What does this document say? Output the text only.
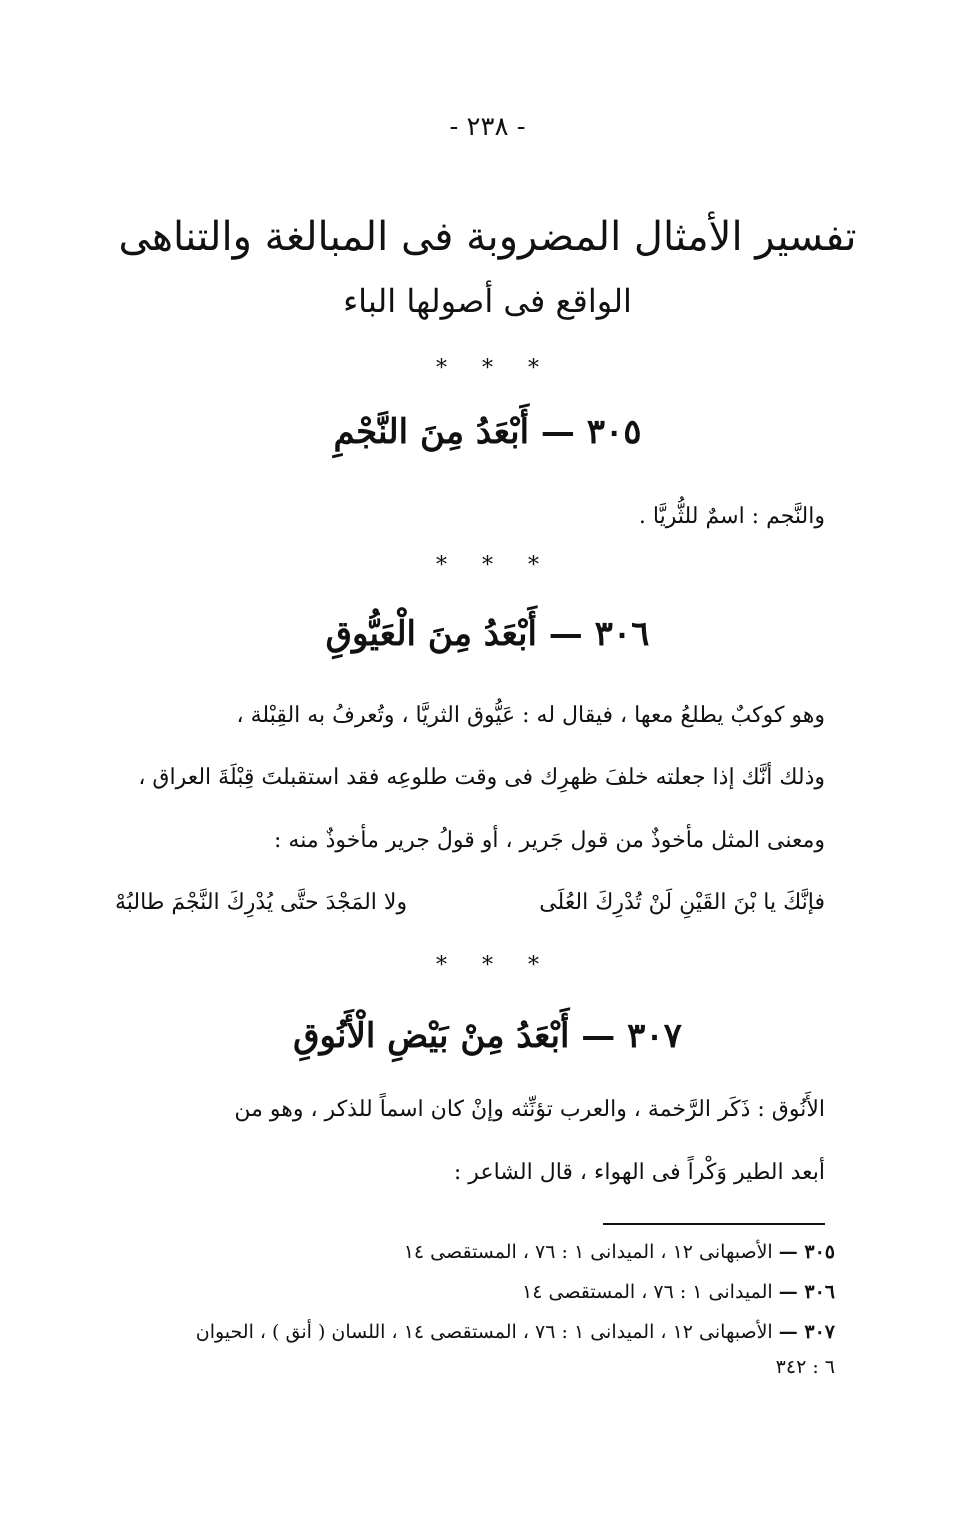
- ٢٣٨ -
تفسير الأمثال المضروبة فى المبالغة والتناهى
الواقع فى أصولها الباء
* * *
٣٠٥ — أَبْعَدُ مِنَ النَّجْمِ
والنَّجم : اسمٌ للثُّريَّا .
* * *
٣٠٦ — أَبْعَدُ مِنَ الْعَيُّوقِ
وهو كوكبٌ يطلعُ معها ، فيقال له : عَيُّوق الثريَّا ، وتُعرفُ به القِبْلة ،
وذلك أنَّك إذا جعلته خلفَ ظهرِك فى وقت طلوعِه فقد استقبلتَ قِبْلَةَ العراق ،
ومعنى المثل مأخوذٌ من قول جَرير ، أو قولُ جرير مأخوذٌ منه :
فإنَّكَ يا بْنَ القَيْنِ لَنْ تُدْرِكَ العُلَى
ولا المَجْدَ حتَّى يُدْرِكَ النَّجْمَ طالبُهْ
* * *
٣٠٧ — أَبْعَدُ مِنْ بَيْضِ الْأَنُوقِ
الأَنُوق : ذَكَر الرَّخمة ، والعرب تؤنِّثه وإنْ كان اسماً للذكر ، وهو من
أبعد الطير وَكْراً فى الهواء ، قال الشاعر :
٣٠٥ — الأصبهانى ١٢ ، الميدانى ١ : ٧٦ ، المستقصى ١٤
٣٠٦ — الميدانى ١ : ٧٦ ، المستقصى ١٤
٣٠٧ — الأصبهانى ١٢ ، الميدانى ١ : ٧٦ ، المستقصى ١٤ ، اللسان ( أنق ) ، الحيوان
٦ : ٣٤٢
